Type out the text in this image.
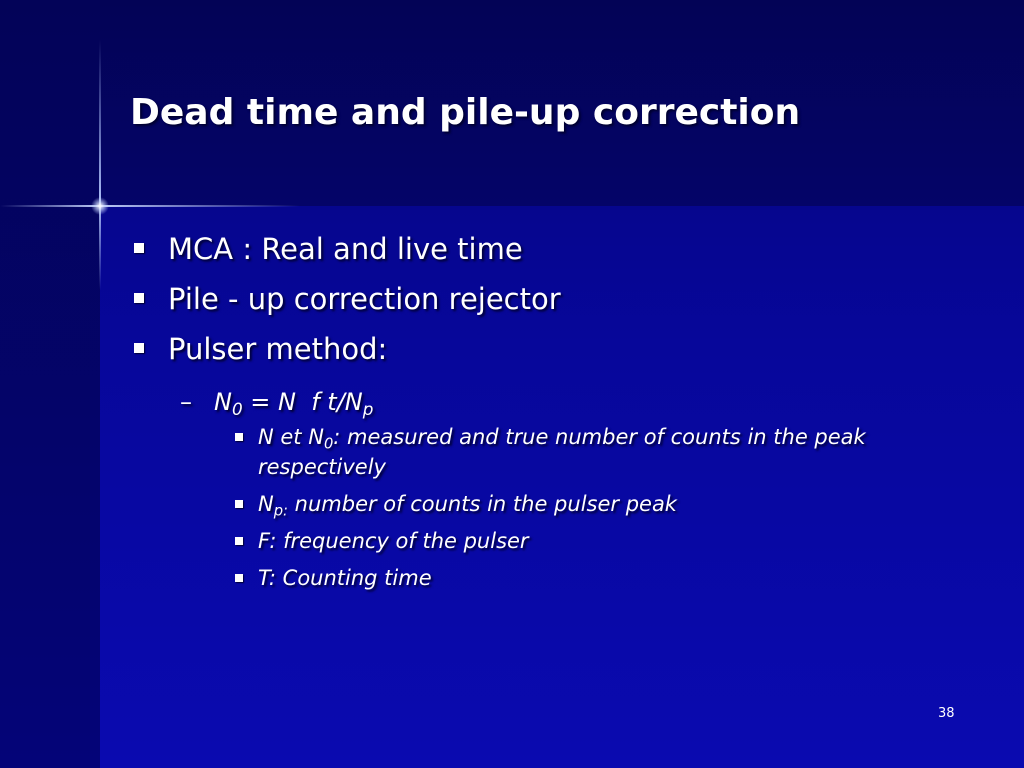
Dead time and pile-up correction
MCA : Real and live time
Pile - up correction rejector
Pulser method:
– $N_0 = N$  f $t/N_p$
N et $N_0$: measured and true number of counts in the peak respectively
$N_{p:}$ number of counts in the pulser peak
F: frequency of the pulser
T: Counting time
38
